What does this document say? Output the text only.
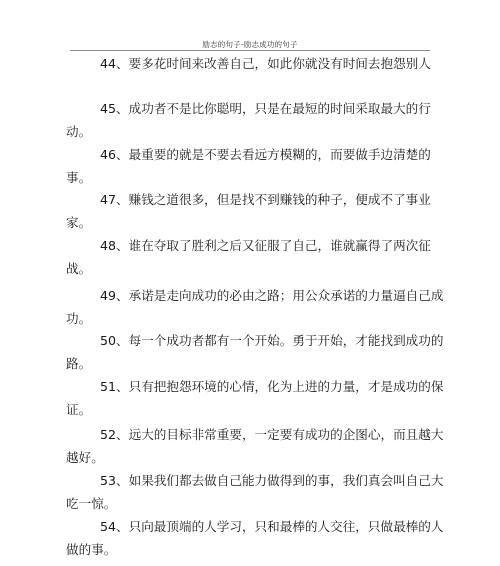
励志的句子-励志成功的句子
44、要多花时间来改善自己，如此你就没有时间去抱怨别人
45、成功者不是比你聪明，只是在最短的时间采取最大的行
动。
46、最重要的就是不要去看远方模糊的，而要做手边清楚的
事。
47、赚钱之道很多，但是找不到赚钱的种子，便成不了事业
家。
48、谁在夺取了胜利之后又征服了自己，谁就赢得了两次征
战。
49、承诺是走向成功的必由之路；用公众承诺的力量逼自己成
功。
50、每一个成功者都有一个开始。勇于开始，才能找到成功的
路。
51、只有把抱怨环境的心情，化为上进的力量，才是成功的保
证。
52、远大的目标非常重要，一定要有成功的企图心，而且越大
越好。
53、如果我们都去做自己能力做得到的事，我们真会叫自己大
吃一惊。
54、只向最顶端的人学习，只和最棒的人交往，只做最棒的人
做的事。
